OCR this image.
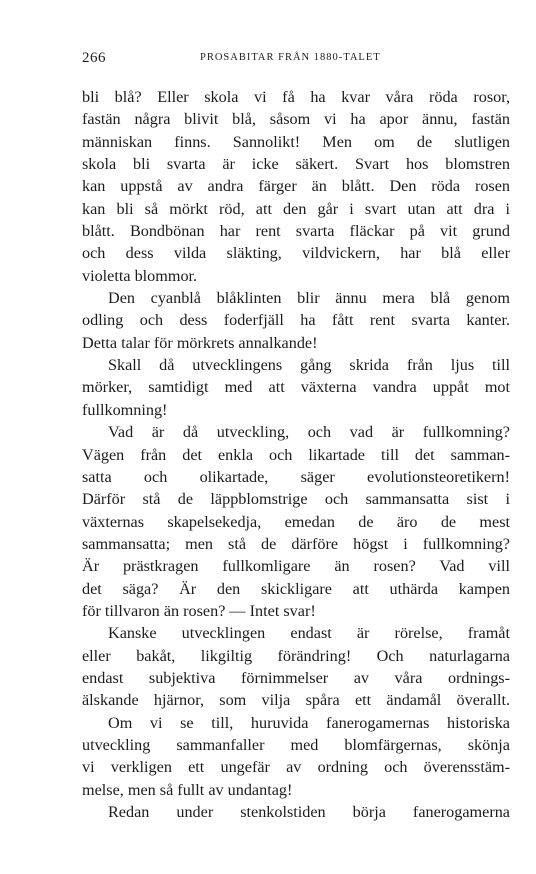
266	PROSABITAR FRÅN 1880-TALET
bli blå? Eller skola vi få ha kvar våra röda rosor,
fastän några blivit blå, såsom vi ha apor ännu, fastän
människan finns. Sannolikt! Men om de slutligen
skola bli svarta är icke säkert. Svart hos blomstren
kan uppstå av andra färger än blått. Den röda rosen
kan bli så mörkt röd, att den går i svart utan att dra i
blått. Bondbönan har rent svarta fläckar på vit grund
och dess vilda släkting, vildvickern, har blå eller
violetta blommor.
Den cyanblå blåklinten blir ännu mera blå genom
odling och dess foderfjäll ha fått rent svarta kanter.
Detta talar för mörkrets annalkande!
Skall då utvecklingens gång skrida från ljus till
mörker, samtidigt med att växterna vandra uppåt mot
fullkomning!
Vad är då utveckling, och vad är fullkomning?
Vägen från det enkla och likartade till det samman-
satta och olikartade, säger evolutionsteoretikern!
Därför stå de läppblomstrige och sammansatta sist i
växternas skapelsekedja, emedan de äro de mest
sammansatta; men stå de därföre högst i fullkomning?
Är prästkragen fullkomligare än rosen? Vad vill
det säga? Är den skickligare att uthärda kampen
för tillvaron än rosen? — Intet svar!
Kanske utvecklingen endast är rörelse, framåt
eller bakåt, likgiltig förändring! Och naturlagarna
endast subjektiva förnimmelser av våra ordnings-
älskande hjärnor, som vilja spåra ett ändamål överallt.
Om vi se till, huruvida fanerogamernas historiska
utveckling sammanfaller med blomfärgernas, skönja
vi verkligen ett ungefär av ordning och överensstäm-
melse, men så fullt av undantag!
Redan under stenkolstiden börja fanerogamerna
